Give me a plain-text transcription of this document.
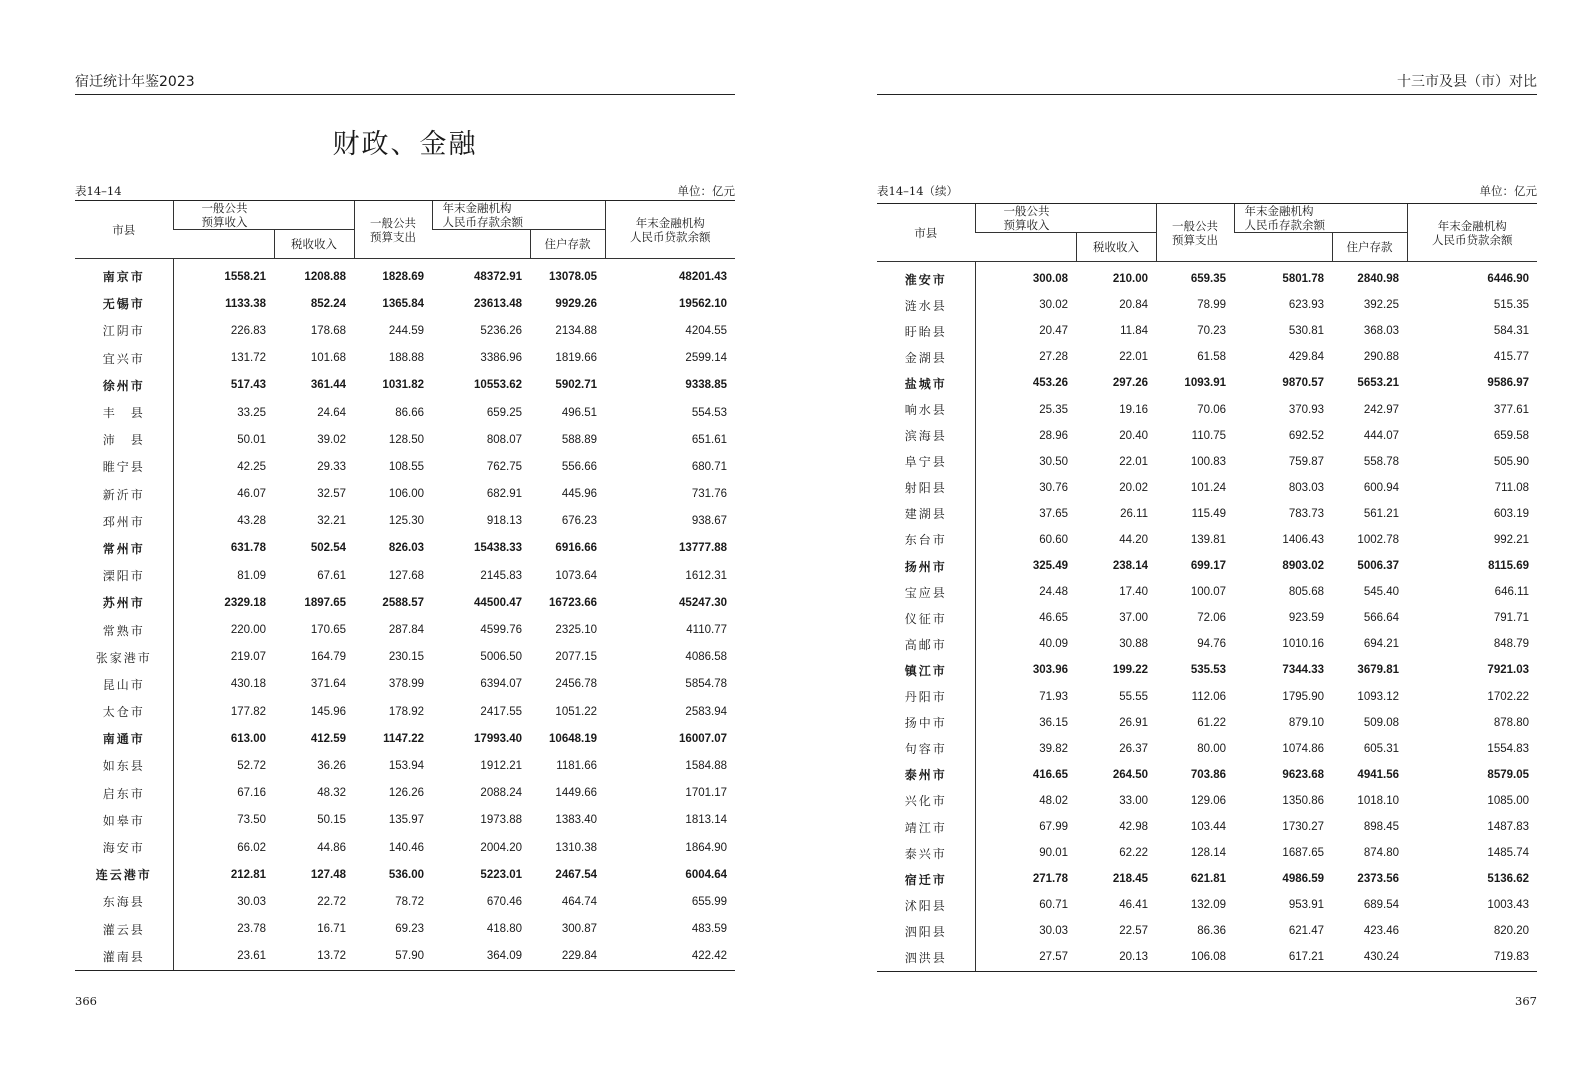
宿迁统计年鉴2023
财政、金融
表14–14	单位：亿元
市县	一般公共
预算收入		一般公共
预算支出	年末金融机构
人民币存款余额		年末金融机构
人民币贷款余额
		税收收入			住户存款	
南京市	1558.21	1208.88	1828.69	48372.91	13078.05	48201.43
无锡市	1133.38	852.24	1365.84	23613.48	9929.26	19562.10
江阴市	226.83	178.68	244.59	5236.26	2134.88	4204.55
宜兴市	131.72	101.68	188.88	3386.96	1819.66	2599.14
徐州市	517.43	361.44	1031.82	10553.62	5902.71	9338.85
丰　县	33.25	24.64	86.66	659.25	496.51	554.53
沛　县	50.01	39.02	128.50	808.07	588.89	651.61
睢宁县	42.25	29.33	108.55	762.75	556.66	680.71
新沂市	46.07	32.57	106.00	682.91	445.96	731.76
邳州市	43.28	32.21	125.30	918.13	676.23	938.67
常州市	631.78	502.54	826.03	15438.33	6916.66	13777.88
溧阳市	81.09	67.61	127.68	2145.83	1073.64	1612.31
苏州市	2329.18	1897.65	2588.57	44500.47	16723.66	45247.30
常熟市	220.00	170.65	287.84	4599.76	2325.10	4110.77
张家港市	219.07	164.79	230.15	5006.50	2077.15	4086.58
昆山市	430.18	371.64	378.99	6394.07	2456.78	5854.78
太仓市	177.82	145.96	178.92	2417.55	1051.22	2583.94
南通市	613.00	412.59	1147.22	17993.40	10648.19	16007.07
如东县	52.72	36.26	153.94	1912.21	1181.66	1584.88
启东市	67.16	48.32	126.26	2088.24	1449.66	1701.17
如皋市	73.50	50.15	135.97	1973.88	1383.40	1813.14
海安市	66.02	44.86	140.46	2004.20	1310.38	1864.90
连云港市	212.81	127.48	536.00	5223.01	2467.54	6004.64
东海县	30.03	22.72	78.72	670.46	464.74	655.99
灌云县	23.78	16.71	69.23	418.80	300.87	483.59
灌南县	23.61	13.72	57.90	364.09	229.84	422.42
366
十三市及县（市）对比
表14–14（续）	单位：亿元
市县	一般公共
预算收入		一般公共
预算支出	年末金融机构
人民币存款余额		年末金融机构
人民币贷款余额
		税收收入			住户存款	
淮安市	300.08	210.00	659.35	5801.78	2840.98	6446.90
涟水县	30.02	20.84	78.99	623.93	392.25	515.35
盱眙县	20.47	11.84	70.23	530.81	368.03	584.31
金湖县	27.28	22.01	61.58	429.84	290.88	415.77
盐城市	453.26	297.26	1093.91	9870.57	5653.21	9586.97
响水县	25.35	19.16	70.06	370.93	242.97	377.61
滨海县	28.96	20.40	110.75	692.52	444.07	659.58
阜宁县	30.50	22.01	100.83	759.87	558.78	505.90
射阳县	30.76	20.02	101.24	803.03	600.94	711.08
建湖县	37.65	26.11	115.49	783.73	561.21	603.19
东台市	60.60	44.20	139.81	1406.43	1002.78	992.21
扬州市	325.49	238.14	699.17	8903.02	5006.37	8115.69
宝应县	24.48	17.40	100.07	805.68	545.40	646.11
仪征市	46.65	37.00	72.06	923.59	566.64	791.71
高邮市	40.09	30.88	94.76	1010.16	694.21	848.79
镇江市	303.96	199.22	535.53	7344.33	3679.81	7921.03
丹阳市	71.93	55.55	112.06	1795.90	1093.12	1702.22
扬中市	36.15	26.91	61.22	879.10	509.08	878.80
句容市	39.82	26.37	80.00	1074.86	605.31	1554.83
泰州市	416.65	264.50	703.86	9623.68	4941.56	8579.05
兴化市	48.02	33.00	129.06	1350.86	1018.10	1085.00
靖江市	67.99	42.98	103.44	1730.27	898.45	1487.83
泰兴市	90.01	62.22	128.14	1687.65	874.80	1485.74
宿迁市	271.78	218.45	621.81	4986.59	2373.56	5136.62
沭阳县	60.71	46.41	132.09	953.91	689.54	1003.43
泗阳县	30.03	22.57	86.36	621.47	423.46	820.20
泗洪县	27.57	20.13	106.08	617.21	430.24	719.83
367
